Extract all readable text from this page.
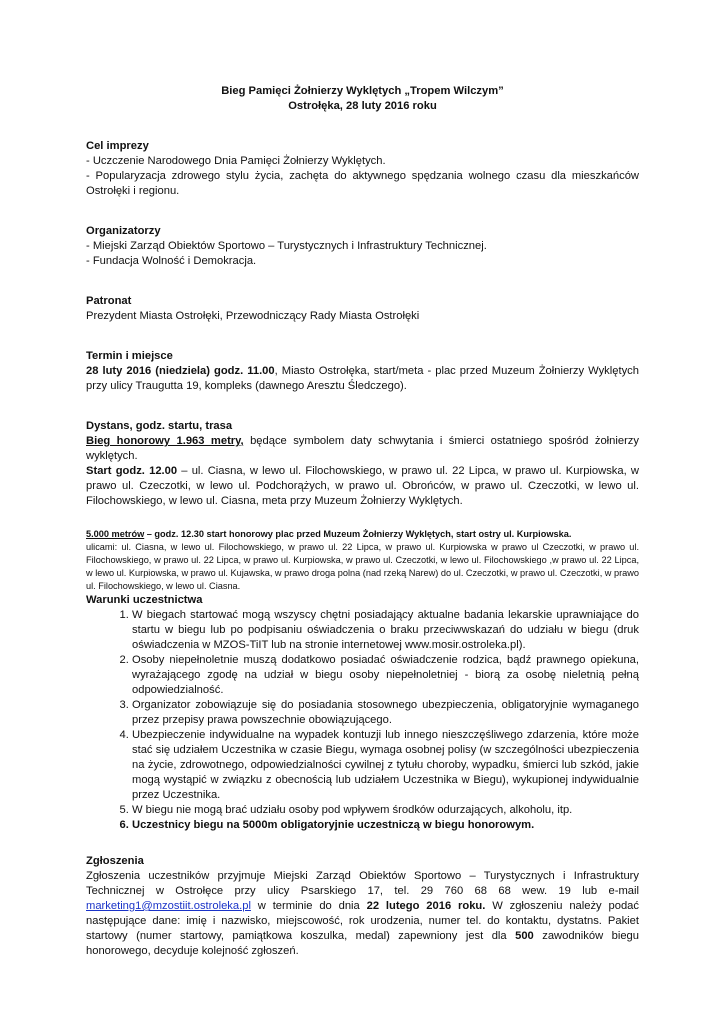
Bieg Pamięci Żołnierzy Wyklętych „Tropem Wilczym”

Ostrołęka, 28 luty 2016 roku

Cel imprezy

- Uczczenie Narodowego Dnia Pamięci Żołnierzy Wyklętych.

- Popularyzacja zdrowego stylu życia, zachęta do aktywnego spędzania wolnego czasu dla mieszkańców Ostrołęki i regionu.

Organizatorzy

- Miejski Zarząd Obiektów Sportowo – Turystycznych i Infrastruktury Technicznej.

- Fundacja Wolność i Demokracja.

Patronat

Prezydent Miasta Ostrołęki, Przewodniczący Rady Miasta Ostrołęki

Termin i miejsce

28 luty 2016 (niedziela) godz. 11.00, Miasto Ostrołęka, start/meta - plac przed Muzeum Żołnierzy Wyklętych przy ulicy Traugutta 19, kompleks (dawnego Aresztu Śledczego).

Dystans, godz. startu, trasa

Bieg honorowy 1.963 metry, będące symbolem daty schwytania i śmierci ostatniego spośród żołnierzy wyklętych.

Start godz. 12.00 – ul. Ciasna, w lewo ul. Filochowskiego, w prawo ul. 22 Lipca, w prawo ul. Kurpiowska, w prawo ul. Czeczotki, w lewo ul. Podchorążych, w prawo ul. Obrońców, w prawo ul. Czeczotki, w lewo ul. Filochowskiego, w lewo ul. Ciasna, meta przy Muzeum Żołnierzy Wyklętych.

5.000 metrów – godz. 12.30 start honorowy plac przed Muzeum Żołnierzy Wyklętych, start ostry ul. Kurpiowska.

ulicami: ul. Ciasna, w lewo ul. Filochowskiego, w prawo ul. 22 Lipca, w prawo ul. Kurpiowska w prawo ul Czeczotki, w prawo ul. Filochowskiego, w prawo ul. 22 Lipca, w prawo ul. Kurpiowska, w prawo ul. Czeczotki, w lewo ul. Filochowskiego ,w prawo ul. 22 Lipca, w lewo ul. Kurpiowska, w prawo ul. Kujawska, w prawo droga polna (nad rzeką Narew) do ul. Czeczotki, w prawo ul. Czeczotki, w prawo ul. Filochowskiego, w lewo ul. Ciasna.

Warunki uczestnictwa

1. W biegach startować mogą wszyscy chętni posiadający aktualne badania lekarskie uprawniające do startu w biegu lub po podpisaniu oświadczenia o braku przeciwwskazań do udziału w biegu (druk oświadczenia w MZOS-TiIT lub na stronie internetowej www.mosir.ostroleka.pl).
2. Osoby niepełnoletnie muszą dodatkowo posiadać oświadczenie rodzica, bądź prawnego opiekuna, wyrażającego zgodę na udział w biegu osoby niepełnoletniej - biorą za osobę nieletnią pełną odpowiedzialność.
3. Organizator zobowiązuje się do posiadania stosownego ubezpieczenia, obligatoryjnie wymaganego przez przepisy prawa powszechnie obowiązującego.
4. Ubezpieczenie indywidualne na wypadek kontuzji lub innego nieszczęśliwego zdarzenia, które może stać się udziałem Uczestnika w czasie Biegu, wymaga osobnej polisy (w szczególności ubezpieczenia na życie, zdrowotnego, odpowiedzialności cywilnej z tytułu choroby, wypadku, śmierci lub szkód, jakie mogą wystąpić w związku z obecnością lub udziałem Uczestnika w Biegu), wykupionej indywidualnie przez Uczestnika.
5. W biegu nie mogą brać udziału osoby pod wpływem środków odurzających, alkoholu, itp.
6. Uczestnicy biegu na 5000m obligatoryjnie uczestniczą w biegu honorowym.

Zgłoszenia

Zgłoszenia uczestników przyjmuje Miejski Zarząd Obiektów Sportowo – Turystycznych i Infrastruktury Technicznej w Ostrołęce przy ulicy Psarskiego 17, tel. 29 760 68 68 wew. 19 lub e-mail marketing1@mzostiit.ostroleka.pl w terminie do dnia 22 lutego 2016 roku. W zgłoszeniu należy podać następujące dane: imię i nazwisko, miejscowość, rok urodzenia, numer tel. do kontaktu, dystatns. Pakiet startowy (numer startowy, pamiątkowa koszulka, medal) zapewniony jest dla 500 zawodników biegu honorowego, decyduje kolejność zgłoszeń.
